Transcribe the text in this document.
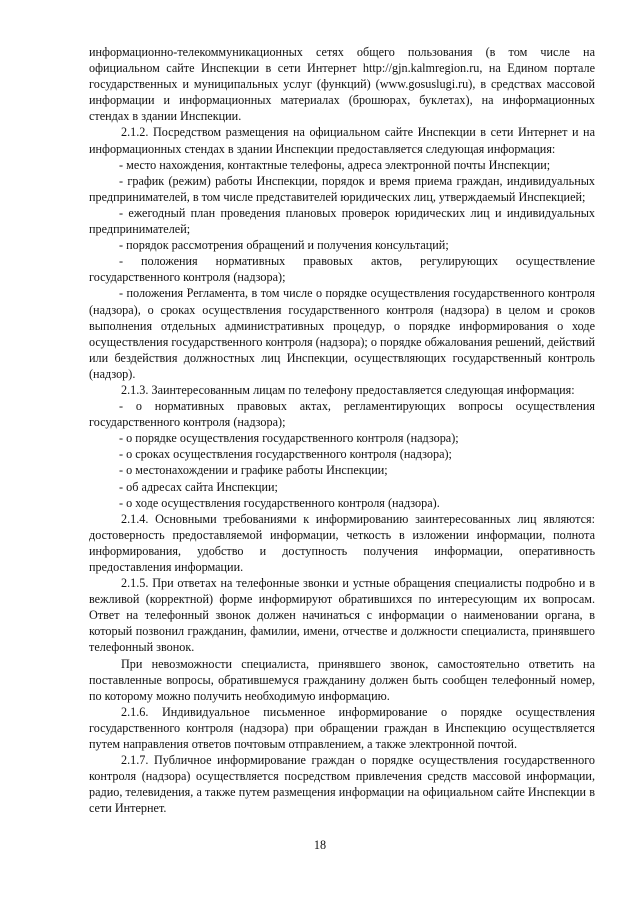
информационно-телекоммуникационных сетях общего пользования (в том числе на официальном сайте Инспекции в сети Интернет http://gjn.kalmregion.ru, на Едином портале государственных и муниципальных услуг (функций) (www.gosuslugi.ru), в средствах массовой информации и информационных материалах (брошюрах, буклетах), на информационных стендах в здании Инспекции.

2.1.2. Посредством размещения на официальном сайте Инспекции в сети Интернет и на информационных стендах в здании Инспекции предоставляется следующая информация:

- место нахождения, контактные телефоны, адреса электронной почты Инспекции;

- график (режим) работы Инспекции, порядок и время приема граждан, индивидуальных предпринимателей, в том числе представителей юридических лиц, утверждаемый Инспекцией;

- ежегодный план проведения плановых проверок юридических лиц и индивидуальных предпринимателей;

- порядок рассмотрения обращений и получения консультаций;

- положения нормативных правовых актов, регулирующих осуществление государственного контроля (надзора);

- положения Регламента, в том числе о порядке осуществления государственного контроля (надзора), о сроках осуществления государственного контроля (надзора) в целом и сроков выполнения отдельных административных процедур, о порядке информирования о ходе осуществления государственного контроля (надзора); о порядке обжалования решений, действий или бездействия должностных лиц Инспекции, осуществляющих государственный контроль (надзор).

2.1.3. Заинтересованным лицам по телефону предоставляется следующая информация:

- о нормативных правовых актах, регламентирующих вопросы осуществления государственного контроля (надзора);

- о порядке осуществления государственного контроля (надзора);

- о сроках осуществления государственного контроля (надзора);

- о местонахождении и графике работы Инспекции;

- об адресах сайта Инспекции;

- о ходе осуществления государственного контроля (надзора).

2.1.4. Основными требованиями к информированию заинтересованных лиц являются: достоверность предоставляемой информации, четкость в изложении информации, полнота информирования, удобство и доступность получения информации, оперативность предоставления информации.

2.1.5. При ответах на телефонные звонки и устные обращения специалисты подробно и в вежливой (корректной) форме информируют обратившихся по интересующим их вопросам. Ответ на телефонный звонок должен начинаться с информации о наименовании органа, в который позвонил гражданин, фамилии, имени, отчестве и должности специалиста, принявшего телефонный звонок.

При невозможности специалиста, принявшего звонок, самостоятельно ответить на поставленные вопросы, обратившемуся гражданину должен быть сообщен телефонный номер, по которому можно получить необходимую информацию.

2.1.6. Индивидуальное письменное информирование о порядке осуществления государственного контроля (надзора) при обращении граждан в Инспекцию осуществляется путем направления ответов почтовым отправлением, а также электронной почтой.

2.1.7. Публичное информирование граждан о порядке осуществления государственного контроля (надзора) осуществляется посредством привлечения средств массовой информации, радио, телевидения, а также путем размещения информации на официальном сайте Инспекции в сети Интернет.

18
